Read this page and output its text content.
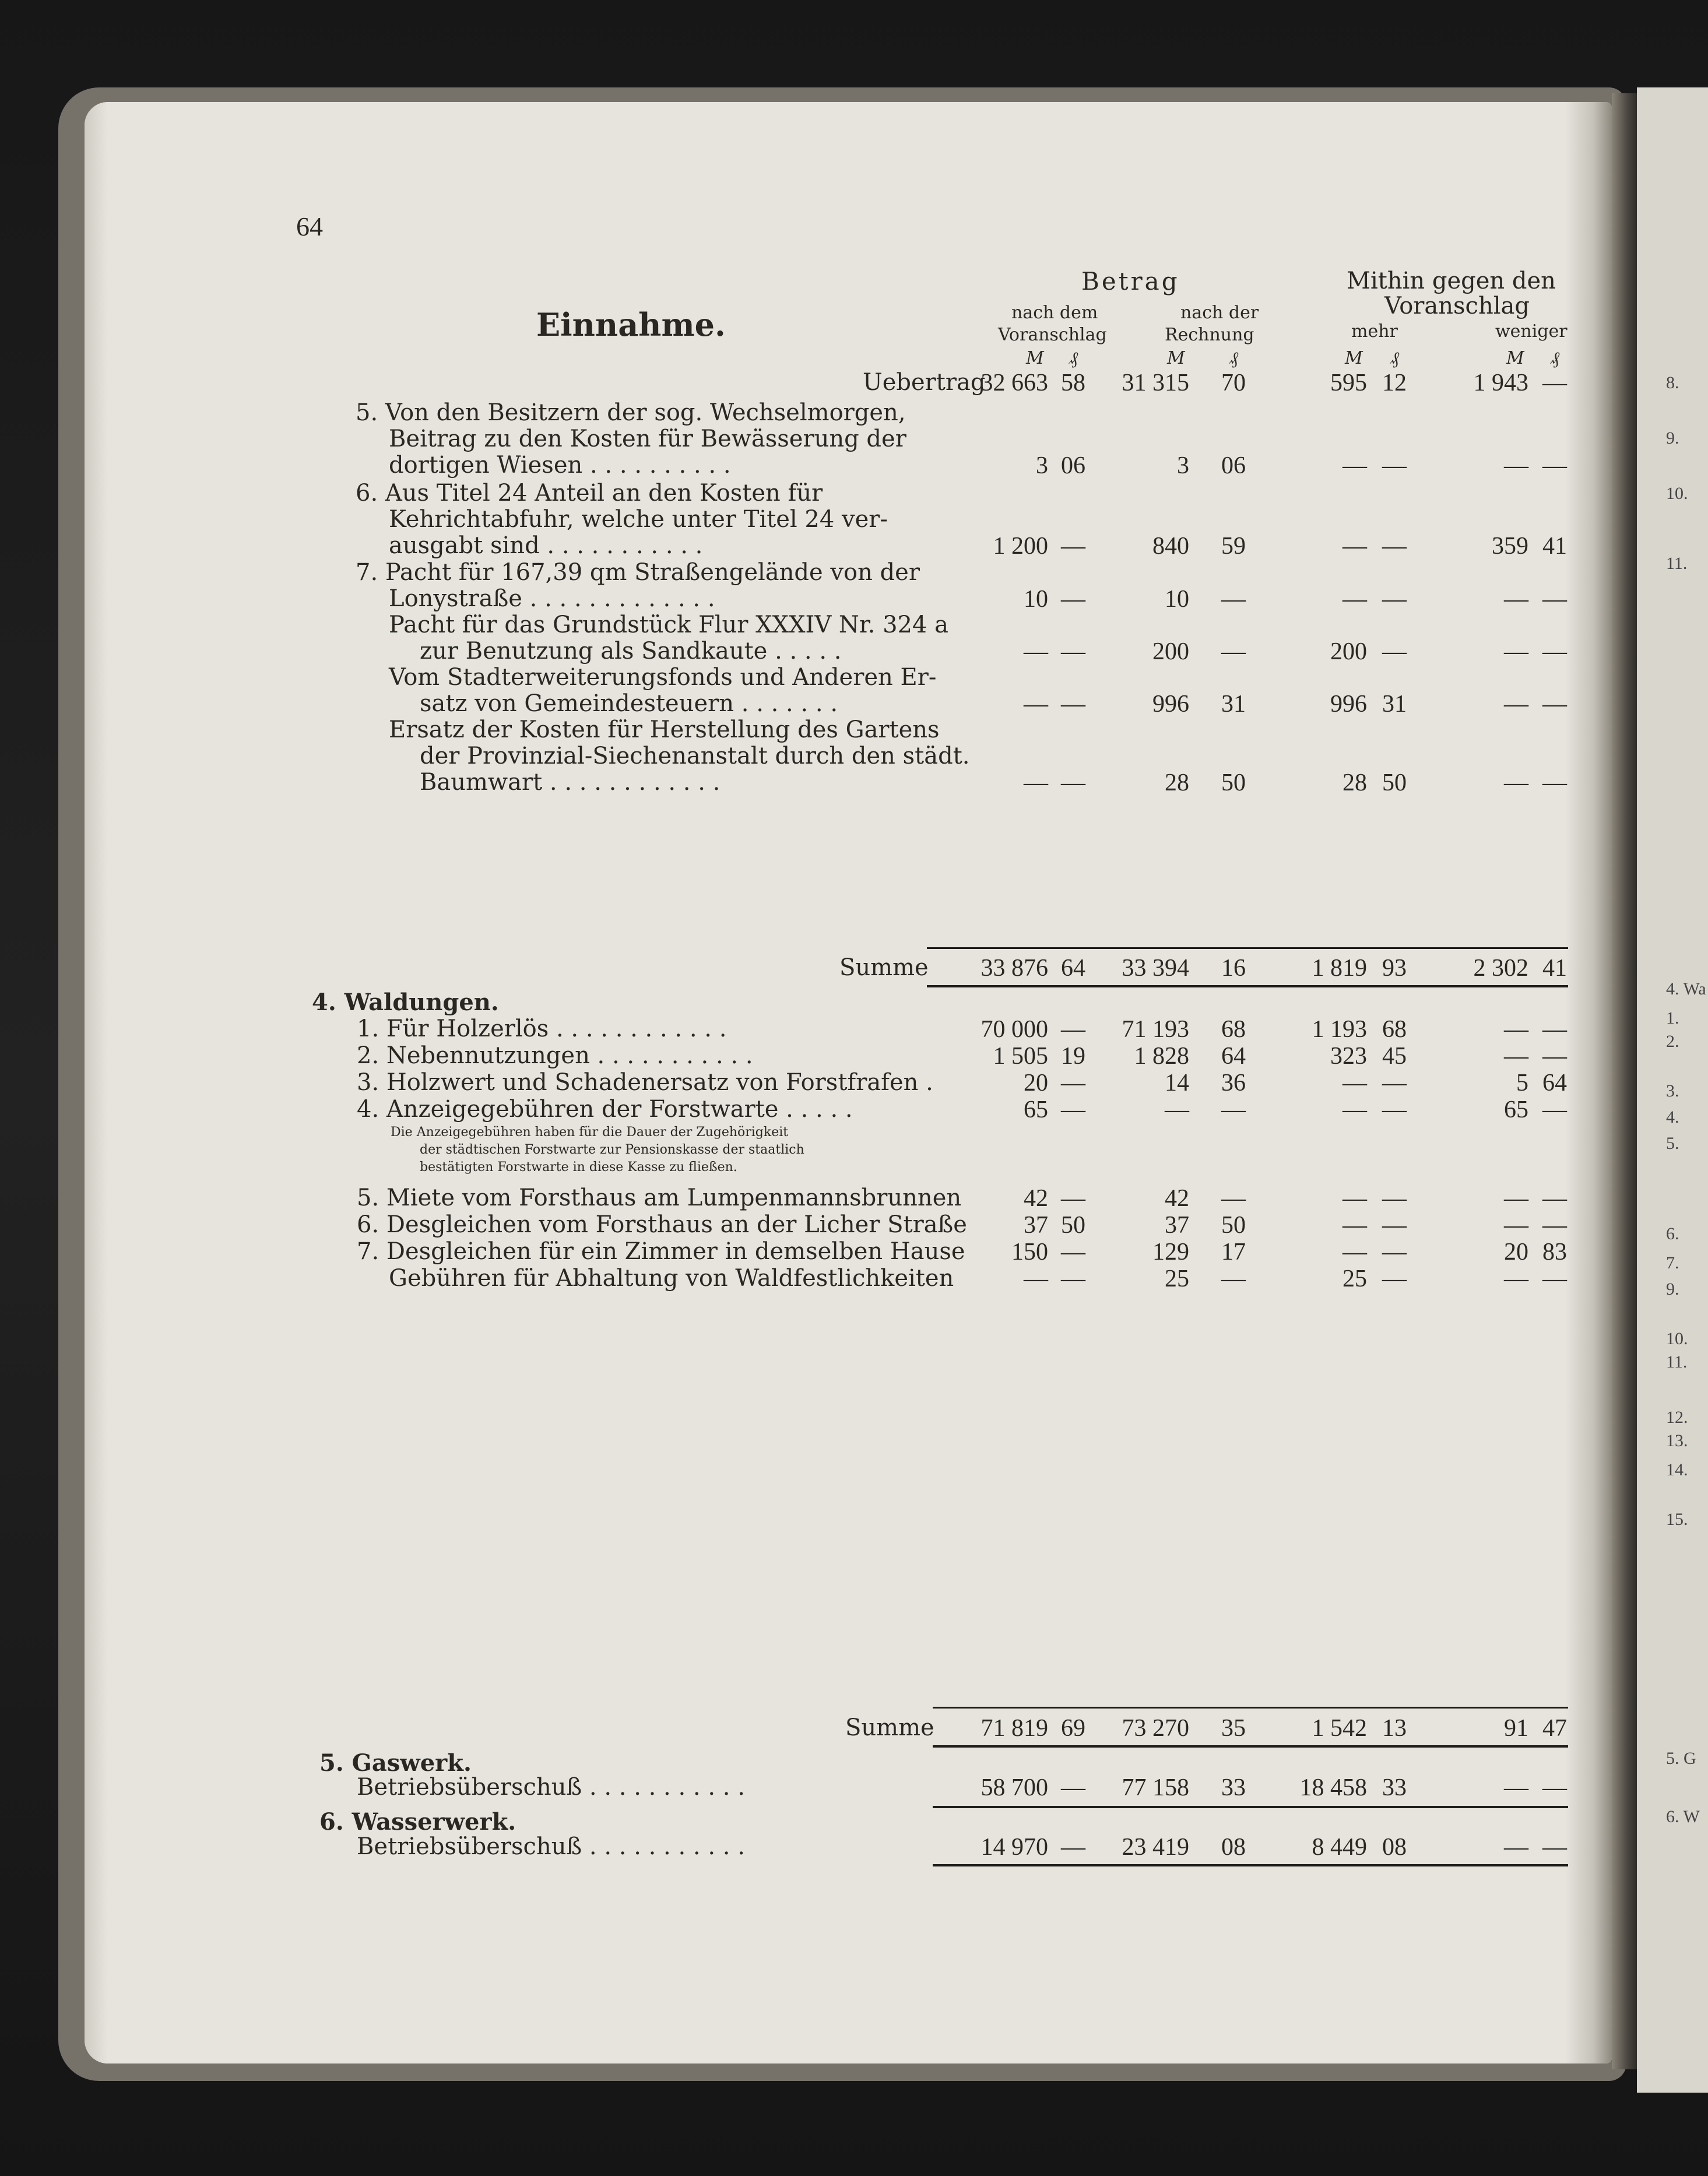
8.
9.
10.
11.
4. Wa
1.
2.
3.
4.
5.
6.
7.
9.
10.
11.
12.
13.
14.
15.
5. G
6. W
64
Einnahme.
Betrag
nach dem
Voranschlag
nach der
Rechnung
Mithin gegen den
Voranschlag
mehr	weniger
M ₰	M	₰	M ₰	M ₰
Uebertrag
32 663 58	31 315	70	595 12	1 943 —
5. Von den Besitzern der sog. Wechselmorgen,
Beitrag zu den Kosten für Bewässerung der
dortigen Wiesen . . . . . . . . . .	3 06	3	06	— —	— —
6. Aus Titel 24 Anteil an den Kosten für
Kehrichtabfuhr, welche unter Titel 24 ver-
ausgabt sind . . . . . . . . . . .	1 200 —	840	59	— —	359 41
7. Pacht für 167,39 qm Straßengelände von der
Lonystraße . . . . . . . . . . . . .	10 —	10	—	— —	— —
Pacht für das Grundstück Flur XXXIV Nr. 324 a
zur Benutzung als Sandkaute . . . . .	— —	200	—	200 —	— —
Vom Stadterweiterungsfonds und Anderen Er-
satz von Gemeindesteuern . . . . . . .	— —	996	31	996 31	— —
Ersatz der Kosten für Herstellung des Gartens
der Provinzial-Siechenanstalt durch den städt.
Baumwart . . . . . . . . . . . .	— —	28	50	28 50	— —
Summe	33 876 64	33 394	16	1 819 93	2 302 41
4. Waldungen.
1. Für Holzerlös . . . . . . . . . . . .	70 000 —	71 193	68	1 193 68	— —
2. Nebennutzungen . . . . . . . . . . .	1 505 19	1 828	64	323 45	— —
3. Holzwert und Schadenersatz von Forstfrafen .	20 —	14	36	— —	5 64
4. Anzeigegebühren der Forstwarte . . . . .	65 —	—	—	— —	65 —
Die Anzeigegebühren haben für die Dauer der Zugehörigkeit
der städtischen Forstwarte zur Pensionskasse der staatlich
bestätigten Forstwarte in diese Kasse zu fließen.
5. Miete vom Forsthaus am Lumpenmannsbrunnen	42 —	42	—	— —	— —
6. Desgleichen vom Forsthaus an der Licher Straße	37 50	37	50	— —	— —
7. Desgleichen für ein Zimmer in demselben Hause	150 —	129	17	— —	20 83
Gebühren für Abhaltung von Waldfestlichkeiten	— —	25	—	25 —	— —
Summe	71 819 69	73 270	35	1 542 13	91 47
5. Gaswerk.
Betriebsüberschuß . . . . . . . . . . .	58 700 —	77 158	33	18 458 33	— —
6. Wasserwerk.
Betriebsüberschuß . . . . . . . . . . .	14 970 —	23 419	08	8 449 08	— —
